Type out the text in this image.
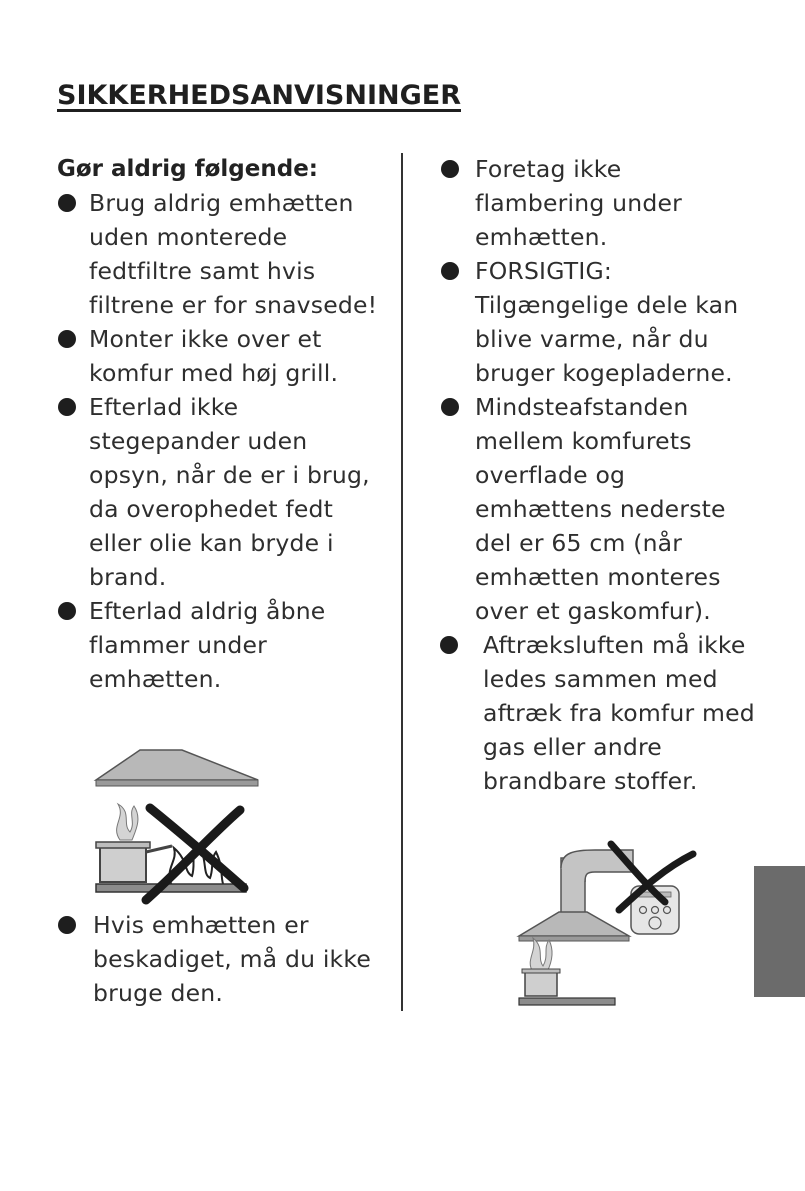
SIKKERHEDSANVISNINGER
Gør aldrig følgende:
Brug aldrig emhætten uden monterede fedtfiltre samt hvis filtrene er for snavsede!
Monter ikke over et komfur med høj grill.
Efterlad ikke stegepander uden opsyn, når de er i brug, da overophedet fedt eller olie kan bryde i brand.
Efterlad aldrig åbne flammer under emhætten.
Hvis emhætten er beskadiget, må du ikke bruge den.
Foretag ikke flambering under emhætten.
FORSIGTIG: Tilgængelige dele kan blive varme, når du bruger kogepladerne.
Mindsteafstanden mellem komfurets overflade og emhættens nederste del er 65 cm (når emhætten monteres over et gaskomfur).
Aftræksluften må ikke ledes sammen med aftræk fra komfur med gas eller andre brandbare stoffer.
